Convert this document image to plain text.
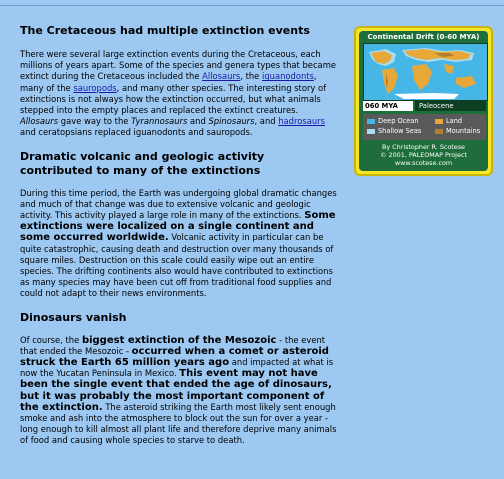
The Cretaceous had multiple extinction events

There were several large extinction events during the Cretaceous, each millions of years apart. Some of the species and genera types that became extinct during the Cretaceous included the Allosaurs, the iguanodonts, many of the sauropods, and many other species. The interesting story of extinctions is not always how the extinction occurred, but what animals stepped into the empty places and replaced the extinct creatures. Allosaurs gave way to the Tyrannosaurs and Spinosaurs, and hadrosaurs and ceratopsians replaced iguanodonts and sauropods.

Dramatic volcanic and geologic activity contributed to many of the extinctions

During this time period, the Earth was undergoing global dramatic changes and much of that change was due to extensive volcanic and geologic activity. This activity played a large role in many of the extinctions. Some extinctions were localized on a single continent and some occurred worldwide. Volcanic activity in particular can be quite catastrophic, causing death and destruction over many thousands of square miles. Destruction on this scale could easily wipe out an entire species. The drifting continents also would have contributed to extinctions as many species may have been cut off from traditional food supplies and could not adapt to their news environments.

Dinosaurs vanish

Of course, the biggest extinction of the Mesozoic - the event that ended the Mesozoic - occurred when a comet or asteroid struck the Earth 65 million years ago and impacted at what is now the Yucatan Peninsula in Mexico. This event may not have been the single event that ended the age of dinosaurs, but it was probably the most important component of the extinction. The asteroid striking the Earth most likely sent enough smoke and ash into the atmosphere to block out the sun for over a year - long enough to kill almost all plant life and therefore deprive many animals of food and causing whole species to starve to death.

Continental Drift (0-60 MYA)
060 MYA	Paleocene
Deep Ocean	Land
Shallow Seas	Mountains
By Christopher R. Scotese
© 2001, PALEOMAP Project
www.scotese.com
